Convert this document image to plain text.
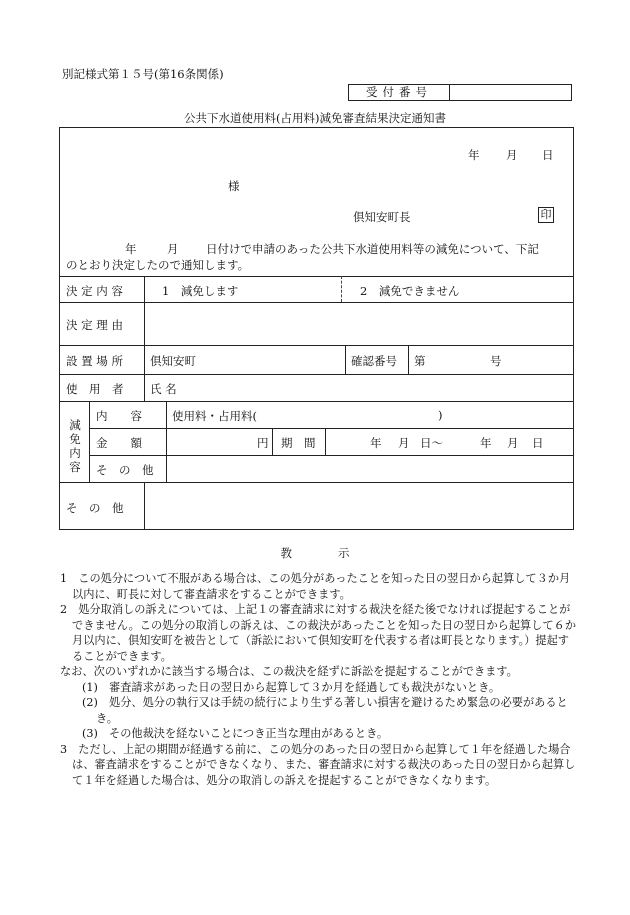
別記様式第１５号(第16条関係)
受付番号
公共下水道使用料(占用料)減免審査結果決定通知書
年 月 日
様
倶知安町長	印
年	月 日付けで申請のあった公共下水道使用料等の減免について、下記
のとおり決定したので通知します。
決 定 内 容	1　減免します	2　減免できません
決 定 理 由
設 置 場 所 倶知安町	確認番号 第	号
使　用　者 氏 名
減免内容
内　　容	使用料・占用料(	)
金　　額	円 期　間	年 月 日〜	年 月 日
そ　の　他
そ　の　他
教　　　　示

1　この処分について不服がある場合は、この処分があったことを知った日の翌日から起算して３か月以内に、町長に対して審査請求をすることができます。

2　処分取消しの訴えについては、上記１の審査請求に対する裁決を経た後でなければ提起することができません。この処分の取消しの訴えは、この裁決があったことを知った日の翌日から起算して６か月以内に、倶知安町を被告として（訴訟において倶知安町を代表する者は町長となります。）提起することができます。

なお、次のいずれかに該当する場合は、この裁決を経ずに訴訟を提起することができます。

(1)　審査請求があった日の翌日から起算して３か月を経過しても裁決がないとき。

(2)　処分、処分の執行又は手続の続行により生ずる著しい損害を避けるため緊急の必要があるとき。

(3)　その他裁決を経ないことにつき正当な理由があるとき。

3　ただし、上記の期間が経過する前に、この処分のあった日の翌日から起算して１年を経過した場合は、審査請求をすることができなくなり、また、審査請求に対する裁決のあった日の翌日から起算して１年を経過した場合は、処分の取消しの訴えを提起することができなくなります。
